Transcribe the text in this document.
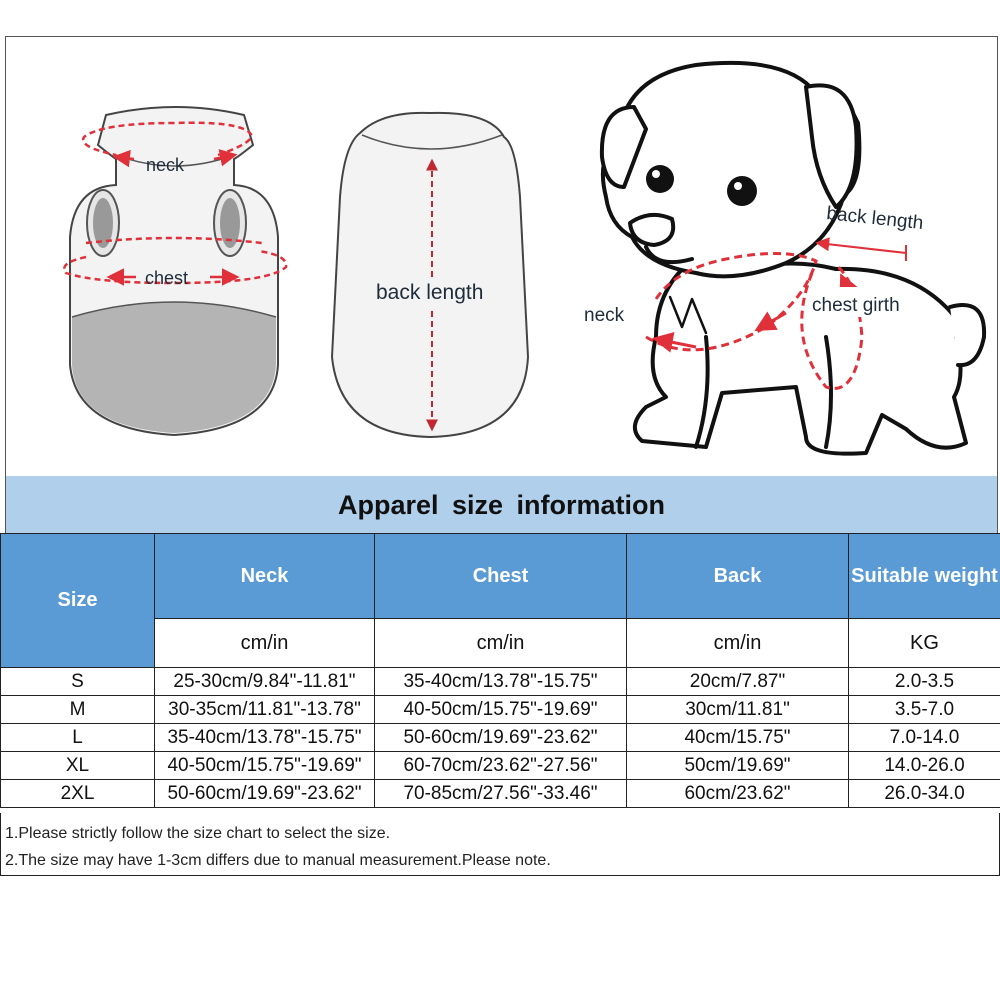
neck
chest
back length
back length
neck	chest girth
Apparel size information
Size	Neck	Chest	Back	Suitable weight
	cm/in	cm/in	cm/in	KG
S	25-30cm/9.84"-11.81"	35-40cm/13.78"-15.75"	20cm/7.87"	2.0-3.5
M	30-35cm/11.81"-13.78"	40-50cm/15.75"-19.69"	30cm/11.81"	3.5-7.0
L	35-40cm/13.78"-15.75"	50-60cm/19.69"-23.62"	40cm/15.75"	7.0-14.0
XL	40-50cm/15.75"-19.69"	60-70cm/23.62"-27.56"	50cm/19.69"	14.0-26.0
2XL	50-60cm/19.69"-23.62"	70-85cm/27.56"-33.46"	60cm/23.62"	26.0-34.0
1.Please strictly follow the size chart to select the size.
2.The size may have 1-3cm differs due to manual measurement.Please note.
